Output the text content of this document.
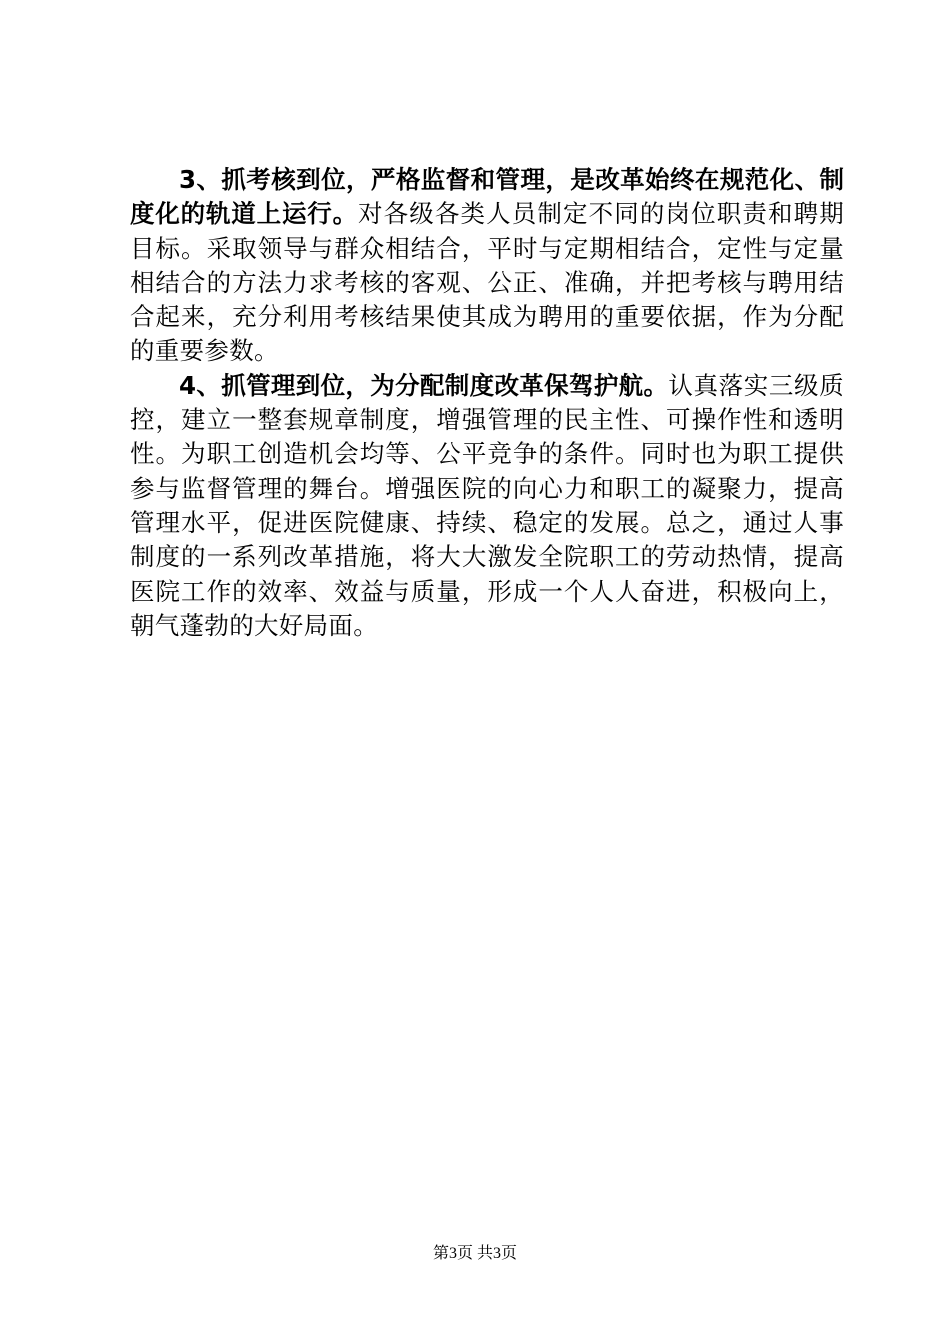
3、抓考核到位，严格监督和管理，是改革始终在规范化、制度化的轨道上运行。对各级各类人员制定不同的岗位职责和聘期目标。采取领导与群众相结合，平时与定期相结合，定性与定量相结合的方法力求考核的客观、公正、准确，并把考核与聘用结合起来，充分利用考核结果使其成为聘用的重要依据，作为分配的重要参数。

4、抓管理到位，为分配制度改革保驾护航。认真落实三级质控，建立一整套规章制度，增强管理的民主性、可操作性和透明性。为职工创造机会均等、公平竞争的条件。同时也为职工提供参与监督管理的舞台。增强医院的向心力和职工的凝聚力，提高管理水平，促进医院健康、持续、稳定的发展。总之，通过人事制度的一系列改革措施，将大大激发全院职工的劳动热情，提高医院工作的效率、效益与质量，形成一个人人奋进，积极向上，朝气蓬勃的大好局面。

第3页 共3页
